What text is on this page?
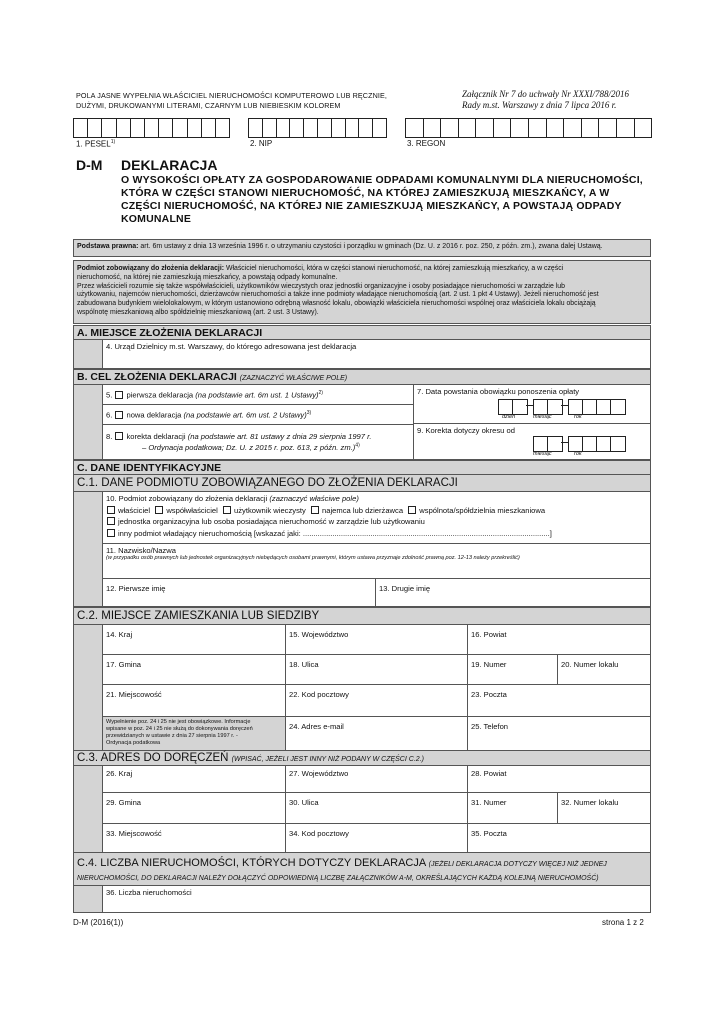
POLA JASNE WYPEŁNIA WŁAŚCICIEL NIERUCHOMOŚCI KOMPUTEROWO LUB RĘCZNIE,
DUŻYMI, DRUKOWANYMI LITERAMI, CZARNYM LUB NIEBIESKIM KOLOREM
Załącznik Nr 7 do uchwały Nr XXXI/788/2016
Rady m.st. Warszawy z dnia 7 lipca 2016 r.
1. PESEL$^{1)}$	2. NIP	3. REGON
D-M DEKLARACJA
O WYSOKOŚCI OPŁATY ZA GOSPODAROWANIE ODPADAMI KOMUNALNYMI DLA NIERUCHOMOŚCI,
KTÓRA W CZĘŚCI STANOWI NIERUCHOMOŚĆ, NA KTÓREJ ZAMIESZKUJĄ MIESZKAŃCY, A W
CZĘŚCI NIERUCHOMOŚĆ, NA KTÓREJ NIE ZAMIESZKUJĄ MIESZKAŃCY, A POWSTAJĄ ODPADY
KOMUNALNE
Podstawa prawna: art. 6m ustawy z dnia 13 września 1996 r. o utrzymaniu czystości i porządku w gminach (Dz. U. z 2016 r. poz. 250, z późn. zm.), zwana dalej Ustawą.
Podmiot zobowiązany do złożenia deklaracji: Właściciel nieruchomości, która w części stanowi nieruchomość, na której zamieszkują mieszkańcy, a w części
nieruchomość, na której nie zamieszkują mieszkańcy, a powstają odpady komunalne.
Przez właścicieli rozumie się także współwłaścicieli, użytkowników wieczystych oraz jednostki organizacyjne i osoby posiadające nieruchomości w zarządzie lub
użytkowaniu, najemców nieruchomości, dzierżawców nieruchomości a także inne podmioty władające nieruchomością (art. 2 ust. 1 pkt 4 Ustawy). Jeżeli nieruchomość jest
zabudowana budynkiem wielolokalowym, w którym ustanowiono odrębną własność lokalu, obowiązki właściciela nieruchomości wspólnej oraz właściciela lokalu obciążają
wspólnotę mieszkaniową albo spółdzielnię mieszkaniową (art. 2 ust. 3 Ustawy).
A. MIEJSCE ZŁOŻENIA DEKLARACJI
4. Urząd Dzielnicy m.st. Warszawy, do którego adresowana jest deklaracja
B. CEL ZŁOŻENIA DEKLARACJI (ZAZNACZYĆ WŁAŚCIWE POLE)
5. pierwsza deklaracja (na podstawie art. 6m ust. 1 Ustawy)$^{2)}$
6. nowa deklaracja (na podstawie art. 6m ust. 2 Ustawy)$^{3)}$
8. korekta deklaracji (na podstawie art. 81 ustawy z dnia 29 sierpnia 1997 r.
– Ordynacja podatkowa; Dz. U. z 2015 r. poz. 613, z późn. zm.)$^{4)}$
7. Data powstania obowiązku ponoszenia opłaty
dzień	miesiąc	rok
9. Korekta dotyczy okresu od
miesiąc	rok
C. DANE IDENTYFIKACYJNE
C.1. DANE PODMIOTU ZOBOWIĄZANEGO DO ZŁOŻENIA DEKLARACJI
10. Podmiot zobowiązany do złożenia deklaracji (zaznaczyć właściwe pole)
właściciel współwłaściciel użytkownik wieczysty najemca lub dzierżawca wspólnota/spółdzielnia mieszkaniowa
jednostka organizacyjna lub osoba posiadająca nieruchomość w zarządzie lub użytkowaniu
inny podmiot władający nieruchomością [wskazać jaki: .....................................................................................................................]
11. Nazwisko/Nazwa
(w przypadku osób prawnych lub jednostek organizacyjnych niebędących osobami prawnymi, którym ustawa przyznaje zdolność prawną poz. 12-13 należy przekreślić)
12. Pierwsze imię	13. Drugie imię
C.2. MIEJSCE ZAMIESZKANIA LUB SIEDZIBY
14. Kraj	15. Województwo	16. Powiat
17. Gmina	18. Ulica	19. Numer	20. Numer lokalu
21. Miejscowość	22. Kod pocztowy	23. Poczta
Wypełnienie poz. 24 i 25 nie jest obowiązkowe. Informacje
wpisane w poz. 24 i 25 nie służą do dokonywania doręczeń
przewidzianych w ustawie z dnia 27 sierpnia 1997 r. -
Ordynacja podatkowa
24. Adres e-mail	25. Telefon
C.3. ADRES DO DORĘCZEŃ (WPISAĆ, JEŻELI JEST INNY NIŻ PODANY W CZĘŚCI C.2.)
26. Kraj	27. Województwo	28. Powiat
29. Gmina	30. Ulica	31. Numer	32. Numer lokalu
33. Miejscowość	34. Kod pocztowy	35. Poczta
C.4. LICZBA NIERUCHOMOŚCI, KTÓRYCH DOTYCZY DEKLARACJA (JEŻELI DEKLARACJA DOTYCZY WIĘCEJ NIŻ JEDNEJ
NIERUCHOMOŚCI, DO DEKLARACJI NALEŻY DOŁĄCZYĆ ODPOWIEDNIĄ LICZBĘ ZAŁĄCZNIKÓW A-M, OKREŚLAJĄCYCH KAŻDĄ KOLEJNĄ NIERUCHOMOŚĆ)
36. Liczba nieruchomości
D-M (2016(1))	strona 1 z 2
